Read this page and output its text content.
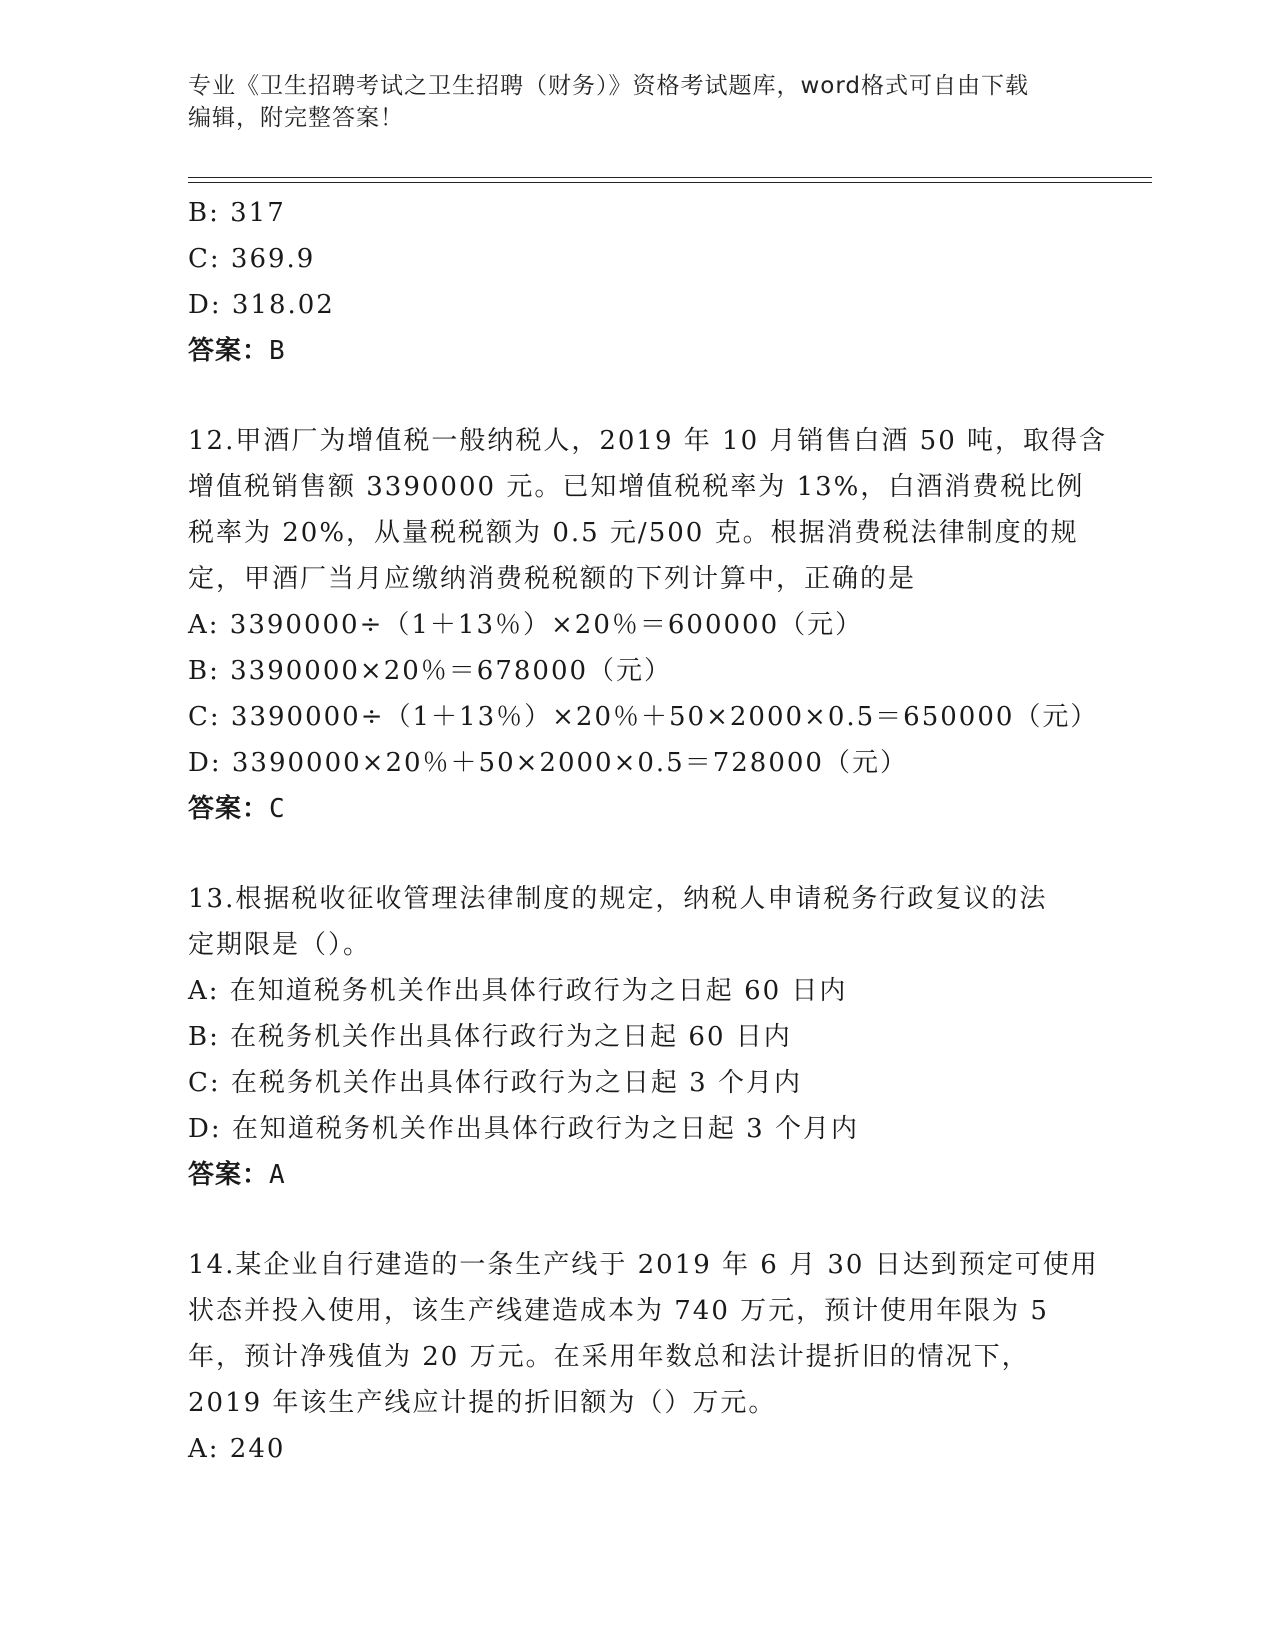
专业《卫生招聘考试之卫生招聘（财务）》资格考试题库，word格式可自由下载
编辑，附完整答案！
B: 317
C: 369.9
D: 318.02
答案：B
12.甲酒厂为增值税一般纳税人，2019 年 10 月销售白酒 50 吨，取得含
增值税销售额 3390000 元。已知增值税税率为 13%，白酒消费税比例
税率为 20%，从量税税额为 0.5 元/500 克。根据消费税法律制度的规
定，甲酒厂当月应缴纳消费税税额的下列计算中，正确的是
A: 3390000÷（1＋13％）×20％＝600000（元）
B: 3390000×20％＝678000（元）
C: 3390000÷（1＋13％）×20％＋50×2000×0.5＝650000（元）
D: 3390000×20％＋50×2000×0.5＝728000（元）
答案：C
13.根据税收征收管理法律制度的规定，纳税人申请税务行政复议的法
定期限是（）。
A: 在知道税务机关作出具体行政行为之日起 60 日内
B: 在税务机关作出具体行政行为之日起 60 日内
C: 在税务机关作出具体行政行为之日起 3 个月内
D: 在知道税务机关作出具体行政行为之日起 3 个月内
答案：A
14.某企业自行建造的一条生产线于 2019 年 6 月 30 日达到预定可使用
状态并投入使用，该生产线建造成本为 740 万元，预计使用年限为 5
年，预计净残值为 20 万元。在采用年数总和法计提折旧的情况下，
2019 年该生产线应计提的折旧额为（）万元。
A: 240
